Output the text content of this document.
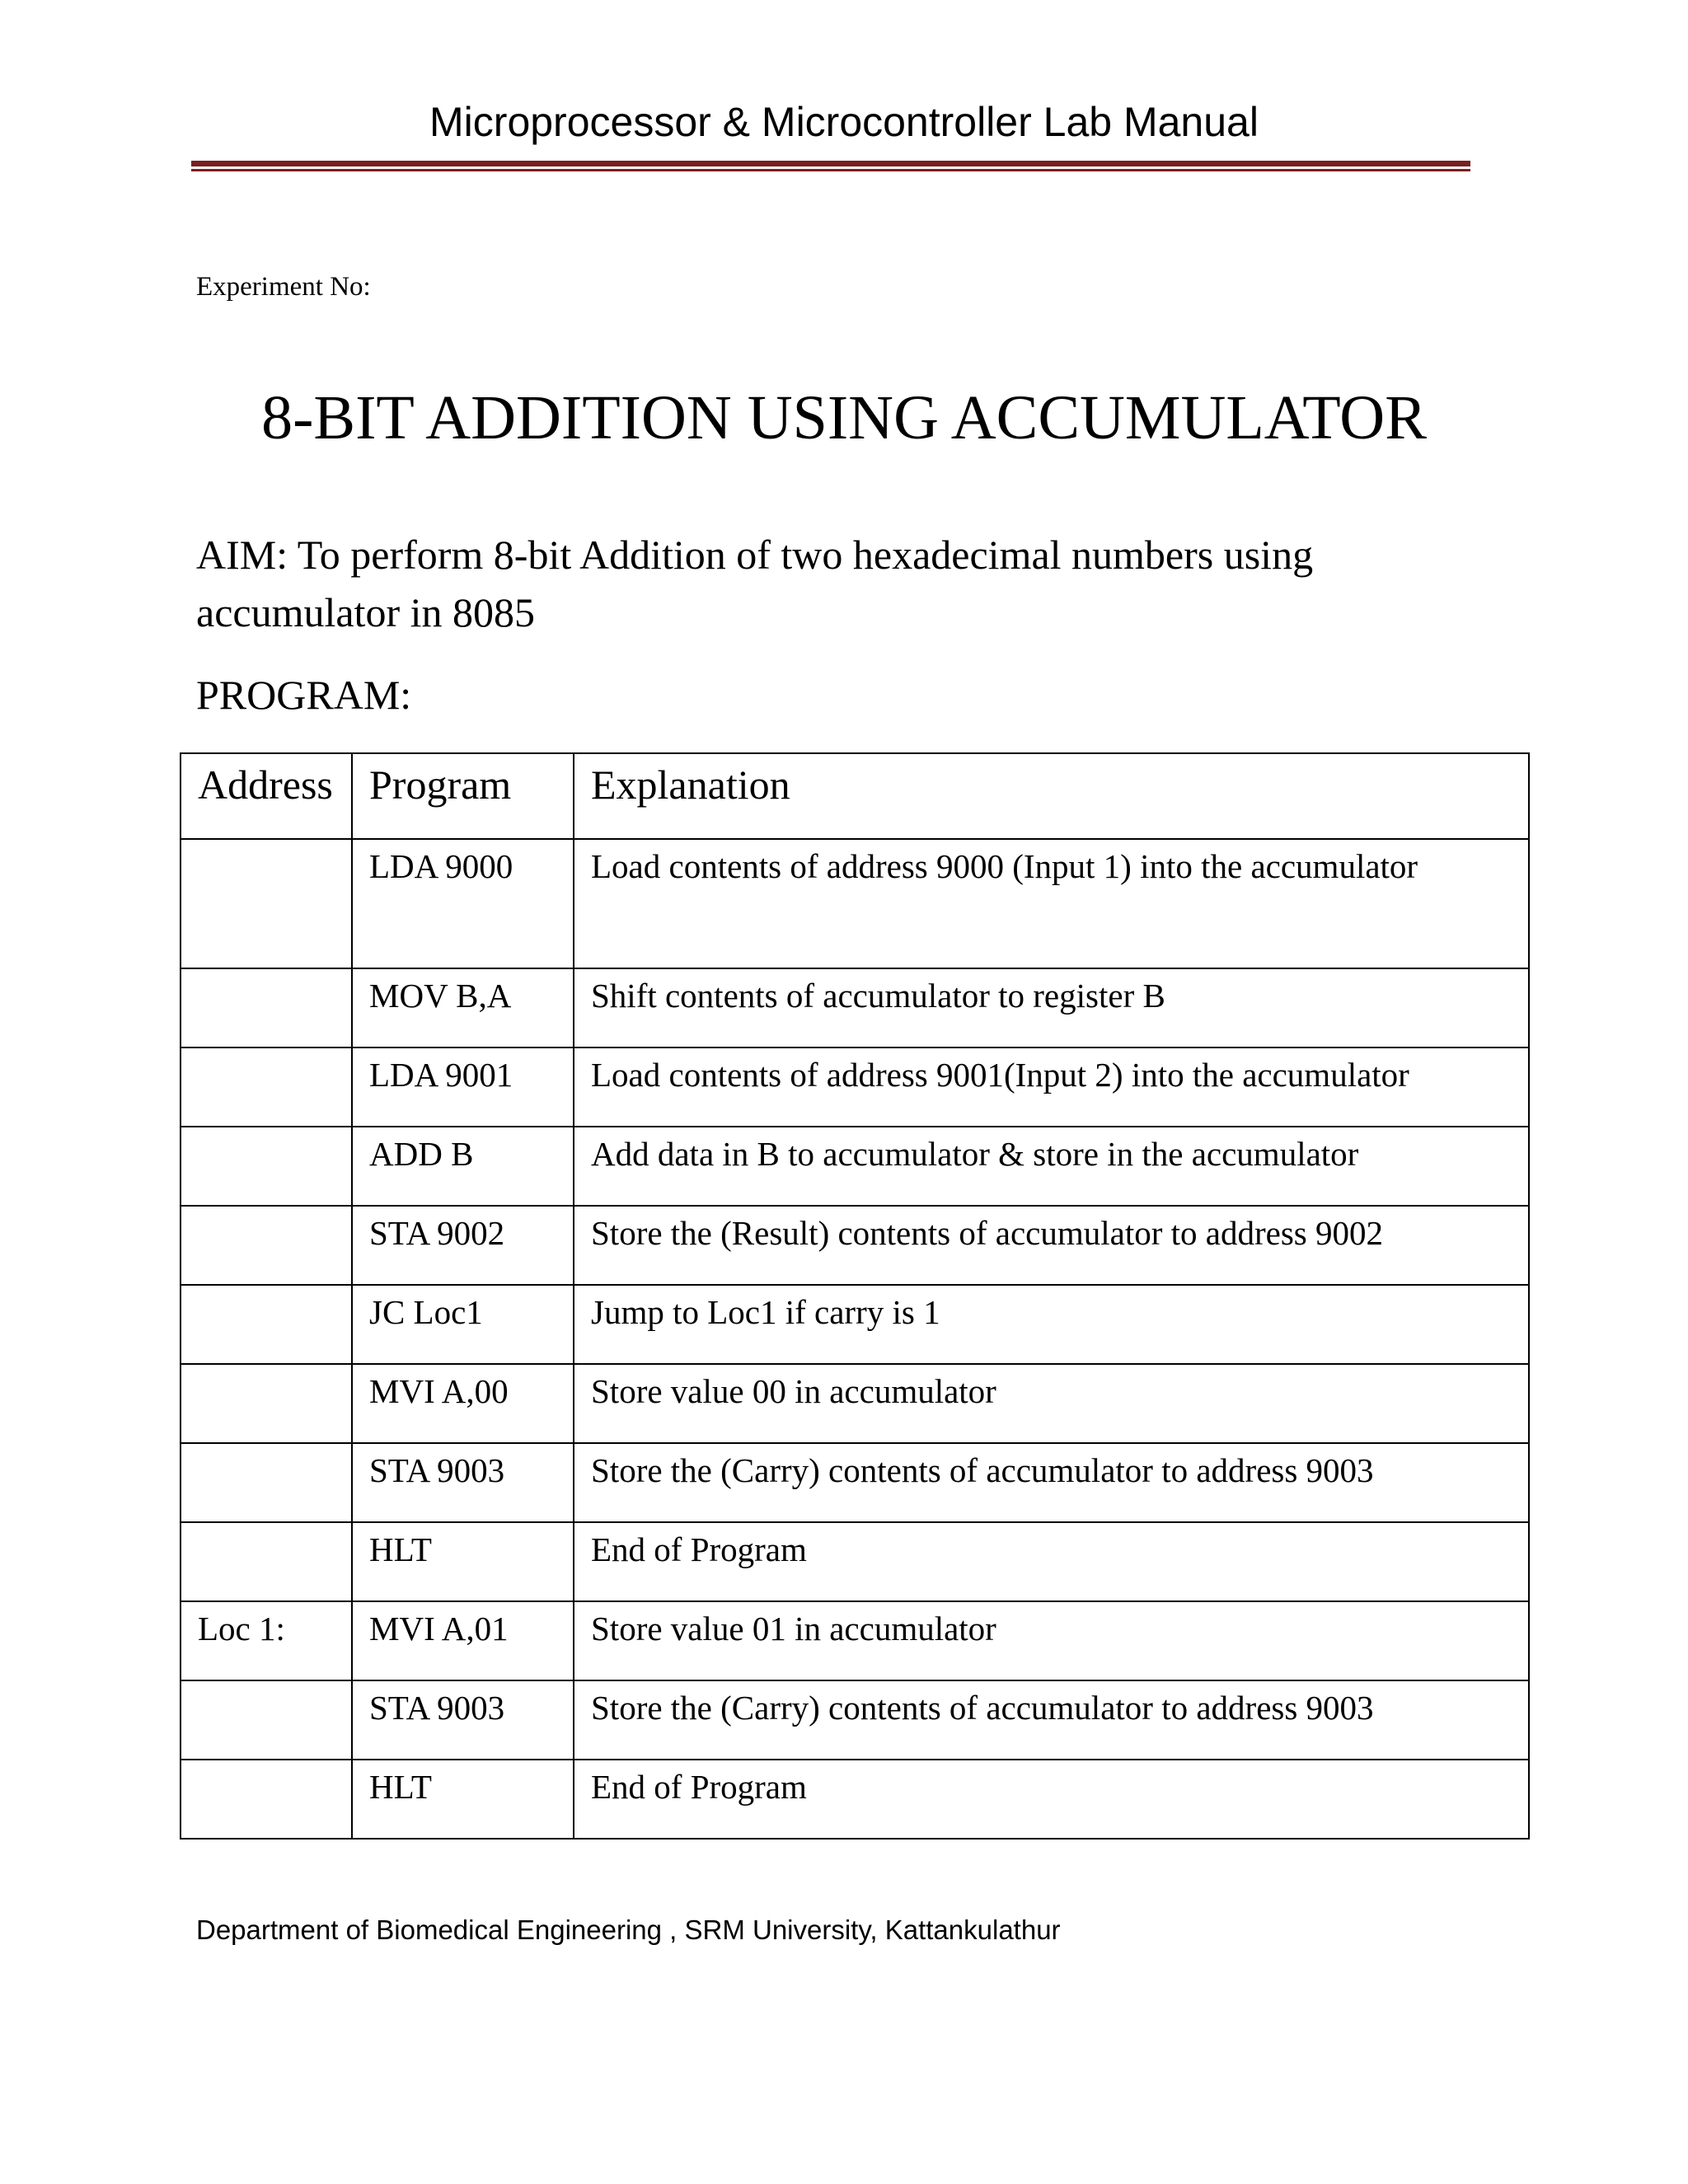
Microprocessor & Microcontroller Lab Manual
Experiment No:
8-BIT ADDITION USING ACCUMULATOR
AIM: To perform 8-bit Addition of two hexadecimal numbers using accumulator in 8085
PROGRAM:
Address	Program	Explanation
	LDA 9000	Load contents of address 9000 (Input 1) into the accumulator
	MOV B,A	Shift contents of accumulator to register B
	LDA 9001	Load contents of address 9001(Input 2) into the accumulator
	ADD B	Add data in B to accumulator & store in the accumulator
	STA 9002	Store the (Result) contents of accumulator to address 9002
	JC Loc1	Jump to Loc1 if carry is 1
	MVI A,00	Store value 00 in accumulator
	STA 9003	Store the (Carry) contents of accumulator to address 9003
	HLT	End of Program
Loc 1:	MVI A,01	Store value 01 in accumulator
	STA 9003	Store the (Carry) contents of accumulator to address 9003
	HLT	End of Program
Department of Biomedical Engineering , SRM University, Kattankulathur
